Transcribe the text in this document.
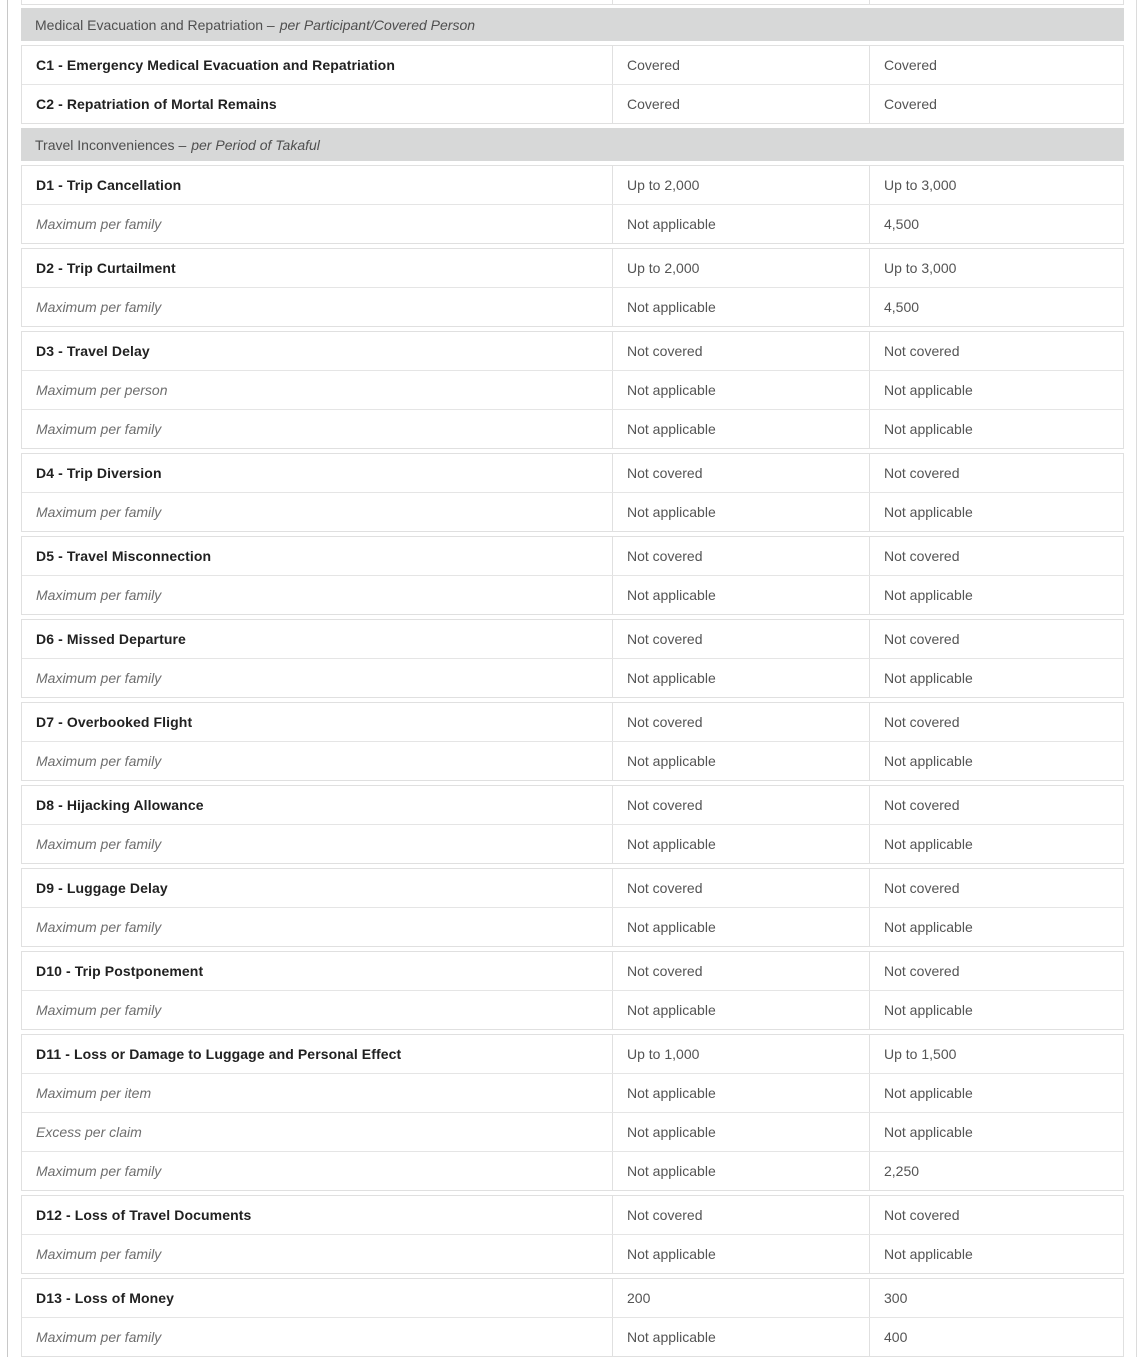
Medical Evacuation and Repatriation – per Participant/Covered Person
C1 - Emergency Medical Evacuation and Repatriation	Covered	Covered
C2 - Repatriation of Mortal Remains	Covered	Covered
Travel Inconveniences – per Period of Takaful
D1 - Trip Cancellation	Up to 2,000	Up to 3,000
Maximum per family	Not applicable	4,500
D2 - Trip Curtailment	Up to 2,000	Up to 3,000
Maximum per family	Not applicable	4,500
D3 - Travel Delay	Not covered	Not covered
Maximum per person	Not applicable	Not applicable
Maximum per family	Not applicable	Not applicable
D4 - Trip Diversion	Not covered	Not covered
Maximum per family	Not applicable	Not applicable
D5 - Travel Misconnection	Not covered	Not covered
Maximum per family	Not applicable	Not applicable
D6 - Missed Departure	Not covered	Not covered
Maximum per family	Not applicable	Not applicable
D7 - Overbooked Flight	Not covered	Not covered
Maximum per family	Not applicable	Not applicable
D8 - Hijacking Allowance	Not covered	Not covered
Maximum per family	Not applicable	Not applicable
D9 - Luggage Delay	Not covered	Not covered
Maximum per family	Not applicable	Not applicable
D10 - Trip Postponement	Not covered	Not covered
Maximum per family	Not applicable	Not applicable
D11 - Loss or Damage to Luggage and Personal Effect	Up to 1,000	Up to 1,500
Maximum per item	Not applicable	Not applicable
Excess per claim	Not applicable	Not applicable
Maximum per family	Not applicable	2,250
D12 - Loss of Travel Documents	Not covered	Not covered
Maximum per family	Not applicable	Not applicable
D13 - Loss of Money	200	300
Maximum per family	Not applicable	400
